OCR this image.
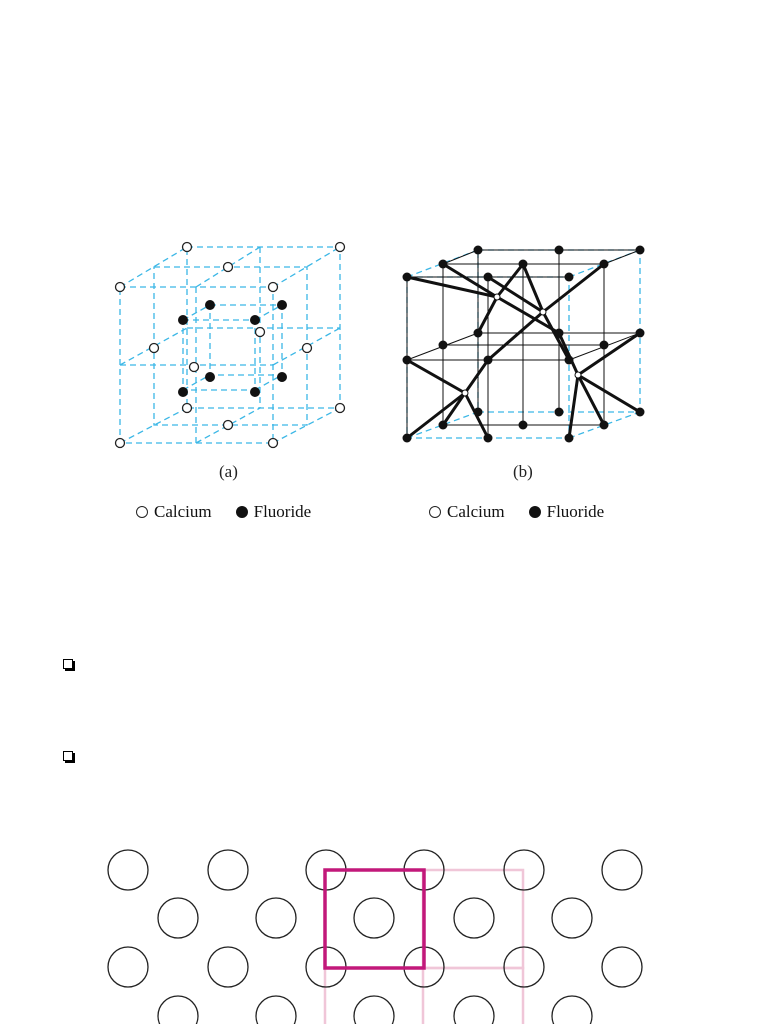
(a)
Calcium Fluoride
(b)
Calcium Fluoride
